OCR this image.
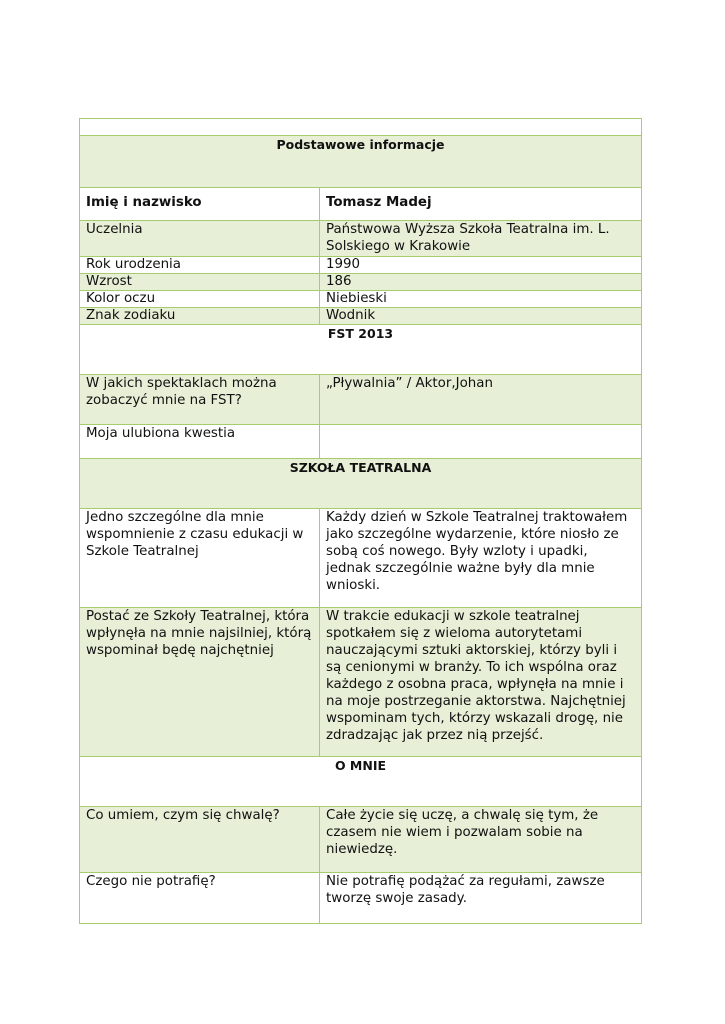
Podstawowe informacje	
Imię i nazwisko	Tomasz Madej
Uczelnia	Państwowa Wyższa Szkoła Teatralna im. L. Solskiego w Krakowie
Rok urodzenia	1990
Wzrost	186
Kolor oczu	Niebieski
Znak zodiaku	Wodnik
FST 2013	
W jakich spektaklach można zobaczyć mnie na FST?	„Pływalnia” / Aktor,Johan
Moja ulubiona kwestia	
SZKOŁA TEATRALNA	
Jedno szczególne dla mnie wspomnienie z czasu edukacji w Szkole Teatralnej	Każdy dzień w Szkole Teatralnej traktowałem jako szczególne wydarzenie, które niosło ze sobą coś nowego. Były wzloty i upadki, jednak szczególnie ważne były dla mnie wnioski.
Postać ze Szkoły Teatralnej, która wpłynęła na mnie najsilniej, którą wspominał będę najchętniej	W trakcie edukacji w szkole teatralnej spotkałem się z wieloma autorytetami nauczającymi sztuki aktorskiej, którzy byli i są cenionymi w branży. To ich wspólna oraz każdego z osobna praca, wpłynęła na mnie i na moje postrzeganie aktorstwa. Najchętniej wspominam tych, którzy wskazali drogę, nie zdradzając jak przez nią przejść.
O MNIE	
Co umiem, czym się chwalę?	Całe życie się uczę, a chwalę się tym, że czasem nie wiem i pozwalam sobie na niewiedzę.
Czego nie potrafię?	Nie potrafię podążać za regułami, zawsze tworzę swoje zasady.
